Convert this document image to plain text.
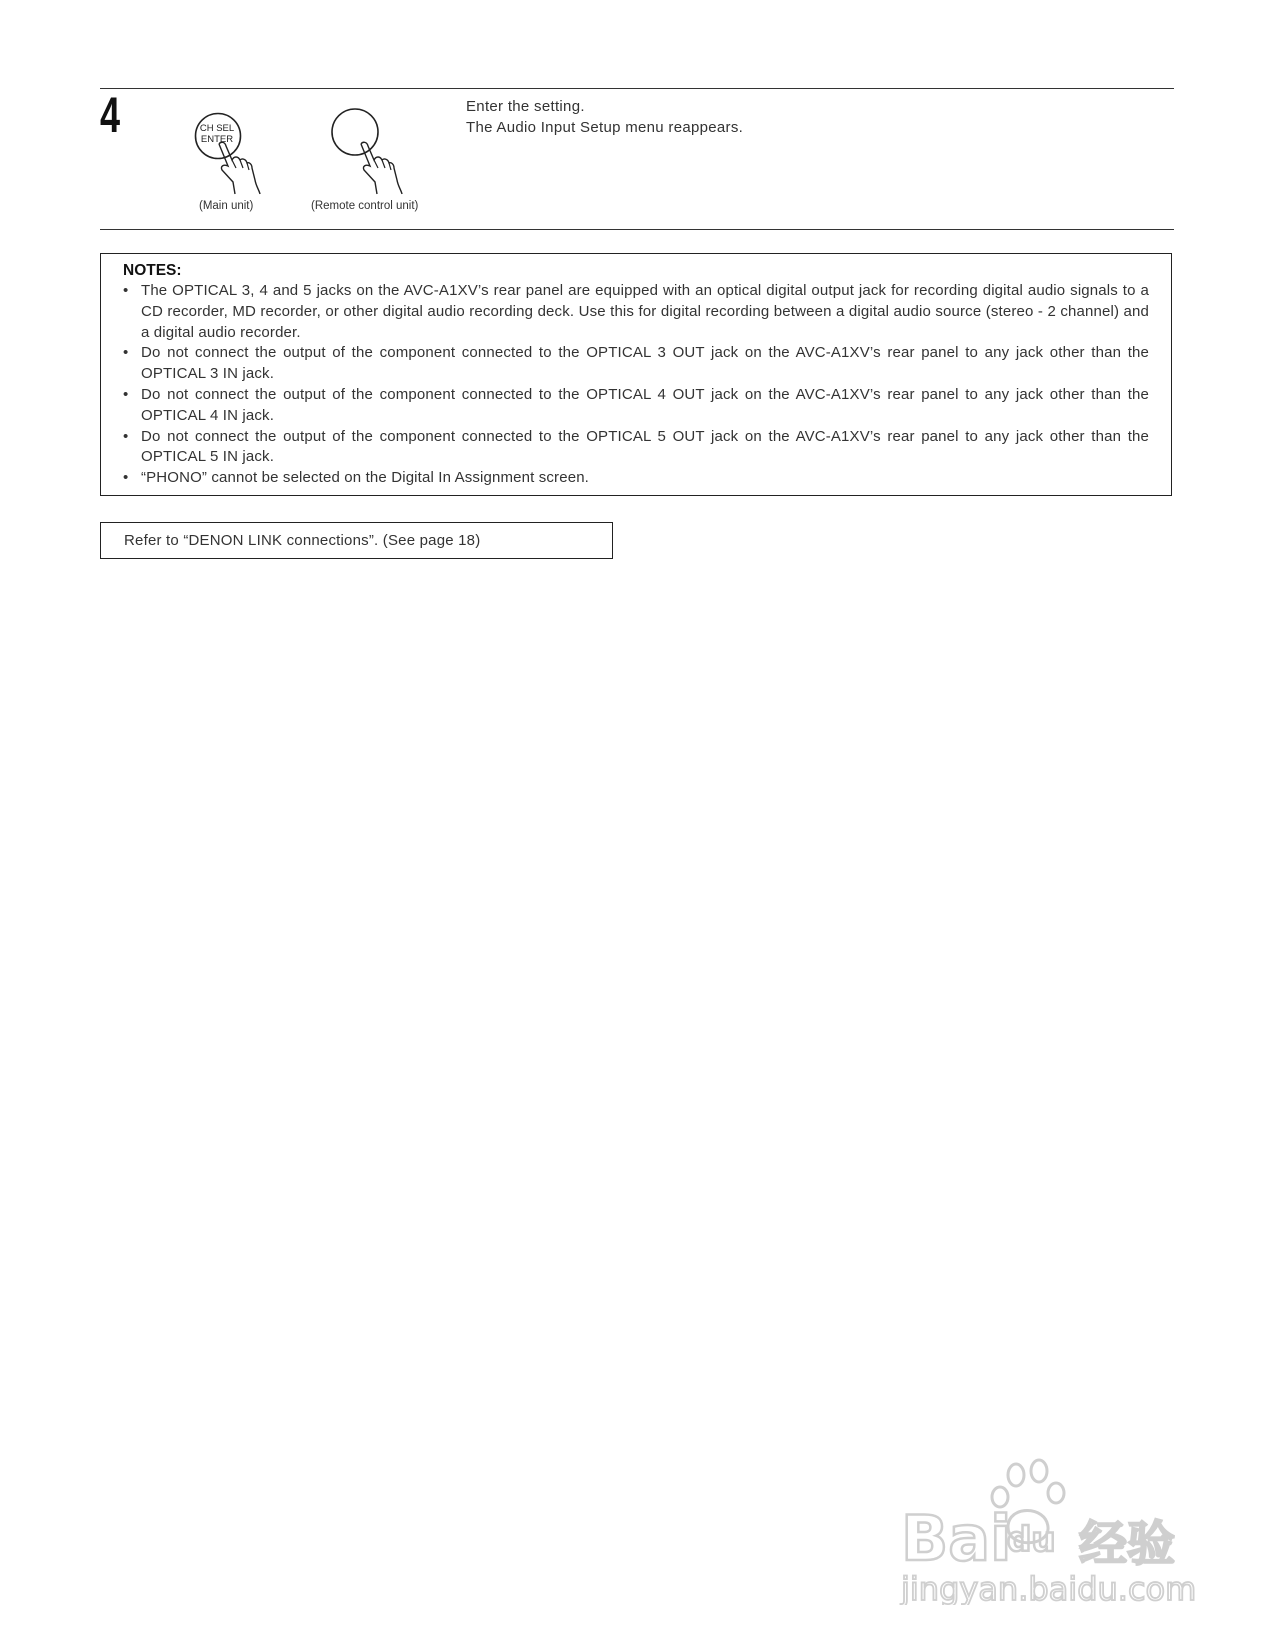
4	CH SEL
ENTER
(Main unit)	(Remote control unit)
Enter the setting.
The Audio Input Setup menu reappears.
NOTES:
• The OPTICAL 3, 4 and 5 jacks on the AVC-A1XV’s rear panel are equipped with an optical digital output jack for recording digital audio signals to a CD recorder, MD recorder, or other digital audio recording deck. Use this for digital recording between a digital audio source (stereo - 2 channel) and a digital audio recorder.
• Do not connect the output of the component connected to the OPTICAL 3 OUT jack on the AVC-A1XV’s rear panel to any jack other than the OPTICAL 3 IN jack.
• Do not connect the output of the component connected to the OPTICAL 4 OUT jack on the AVC-A1XV’s rear panel to any jack other than the OPTICAL 4 IN jack.
• Do not connect the output of the component connected to the OPTICAL 5 OUT jack on the AVC-A1XV’s rear panel to any jack other than the OPTICAL 5 IN jack.
• “PHONO” cannot be selected on the Digital In Assignment screen.
Refer to “DENON LINK connections”. (See page 18)
Bai
du 经验
jingyan.baidu.com
